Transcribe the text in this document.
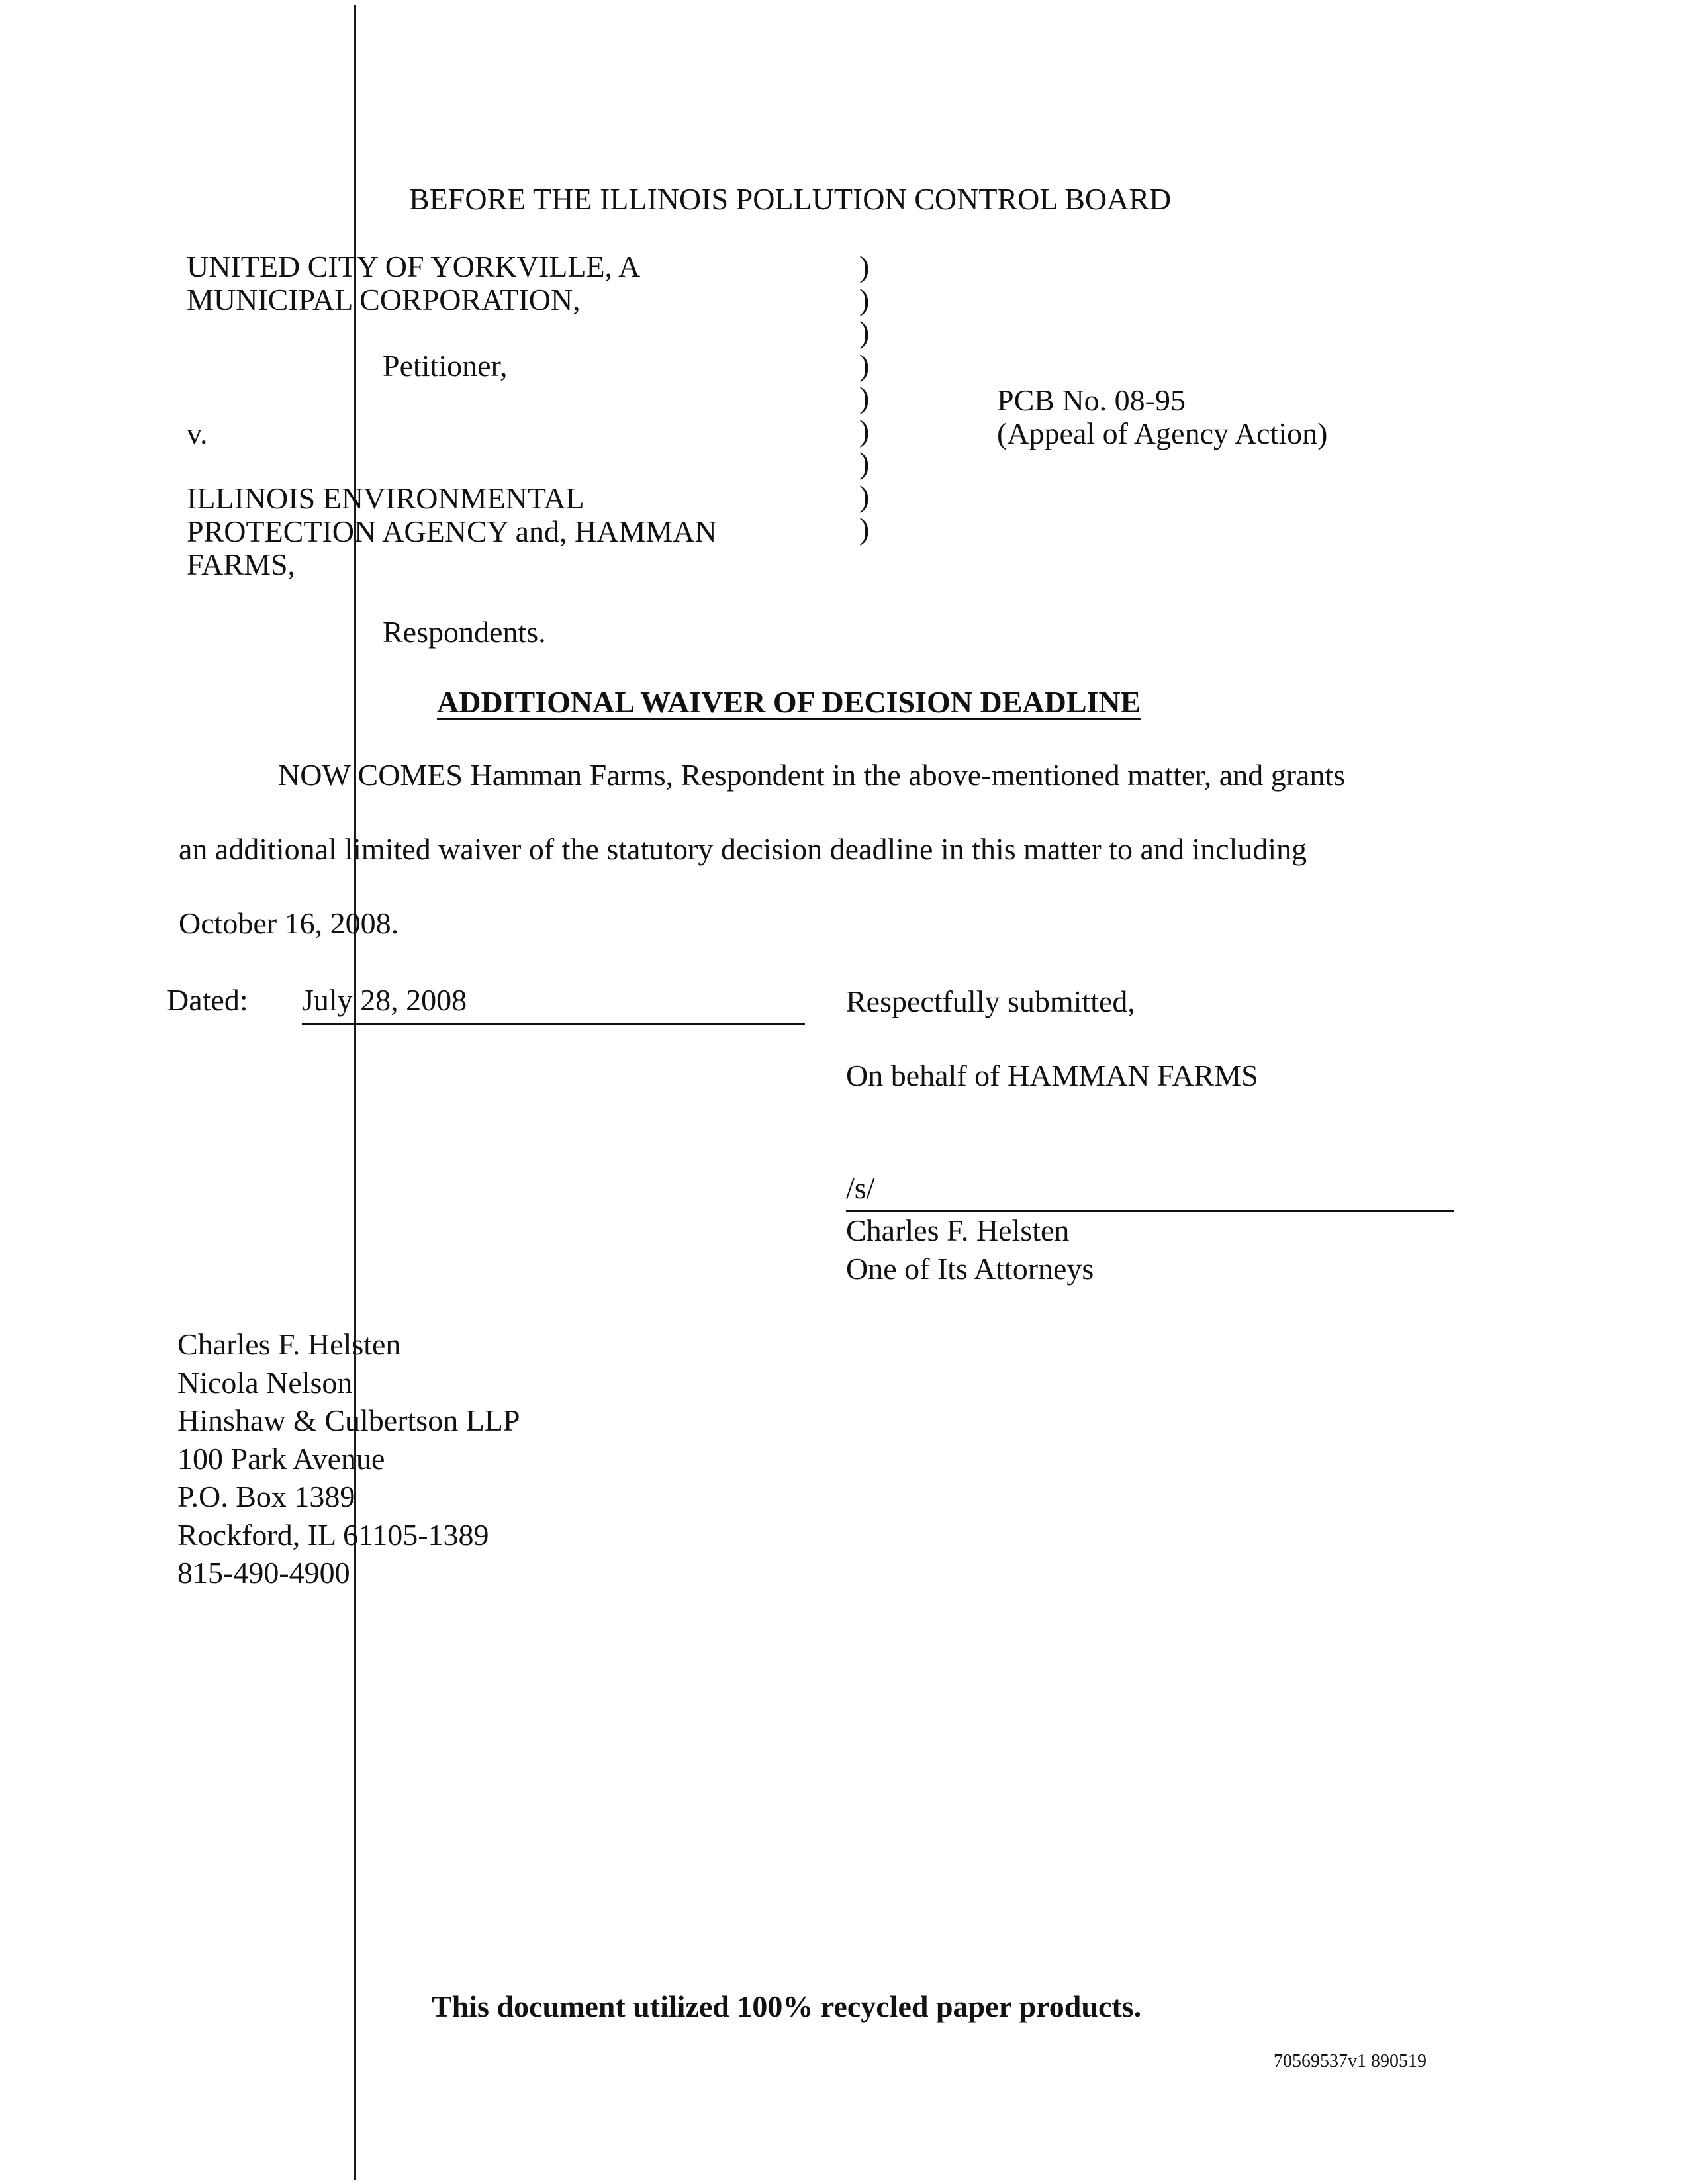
BEFORE THE ILLINOIS POLLUTION CONTROL BOARD
UNITED CITY OF YORKVILLE, A
MUNICIPAL CORPORATION,
Petitioner,
v.
ILLINOIS ENVIRONMENTAL
PROTECTION AGENCY and, HAMMAN
FARMS,
Respondents.
)
)
)
)
)
)
)
)
)
PCB No. 08-95
(Appeal of Agency Action)
ADDITIONAL WAIVER OF DECISION DEADLINE
NOW COMES Hamman Farms, Respondent in the above-mentioned matter, and grants
an additional limited waiver of the statutory decision deadline in this matter to and including
October 16, 2008.
Dated: July 28, 2008	Respectfully submitted,
On behalf of HAMMAN FARMS
/s/
Charles F. Helsten
One of Its Attorneys
Charles F. Helsten
Nicola Nelson
Hinshaw & Culbertson LLP
100 Park Avenue
P.O. Box 1389
Rockford, IL 61105-1389
815-490-4900
This document utilized 100% recycled paper products.
70569537v1 890519
